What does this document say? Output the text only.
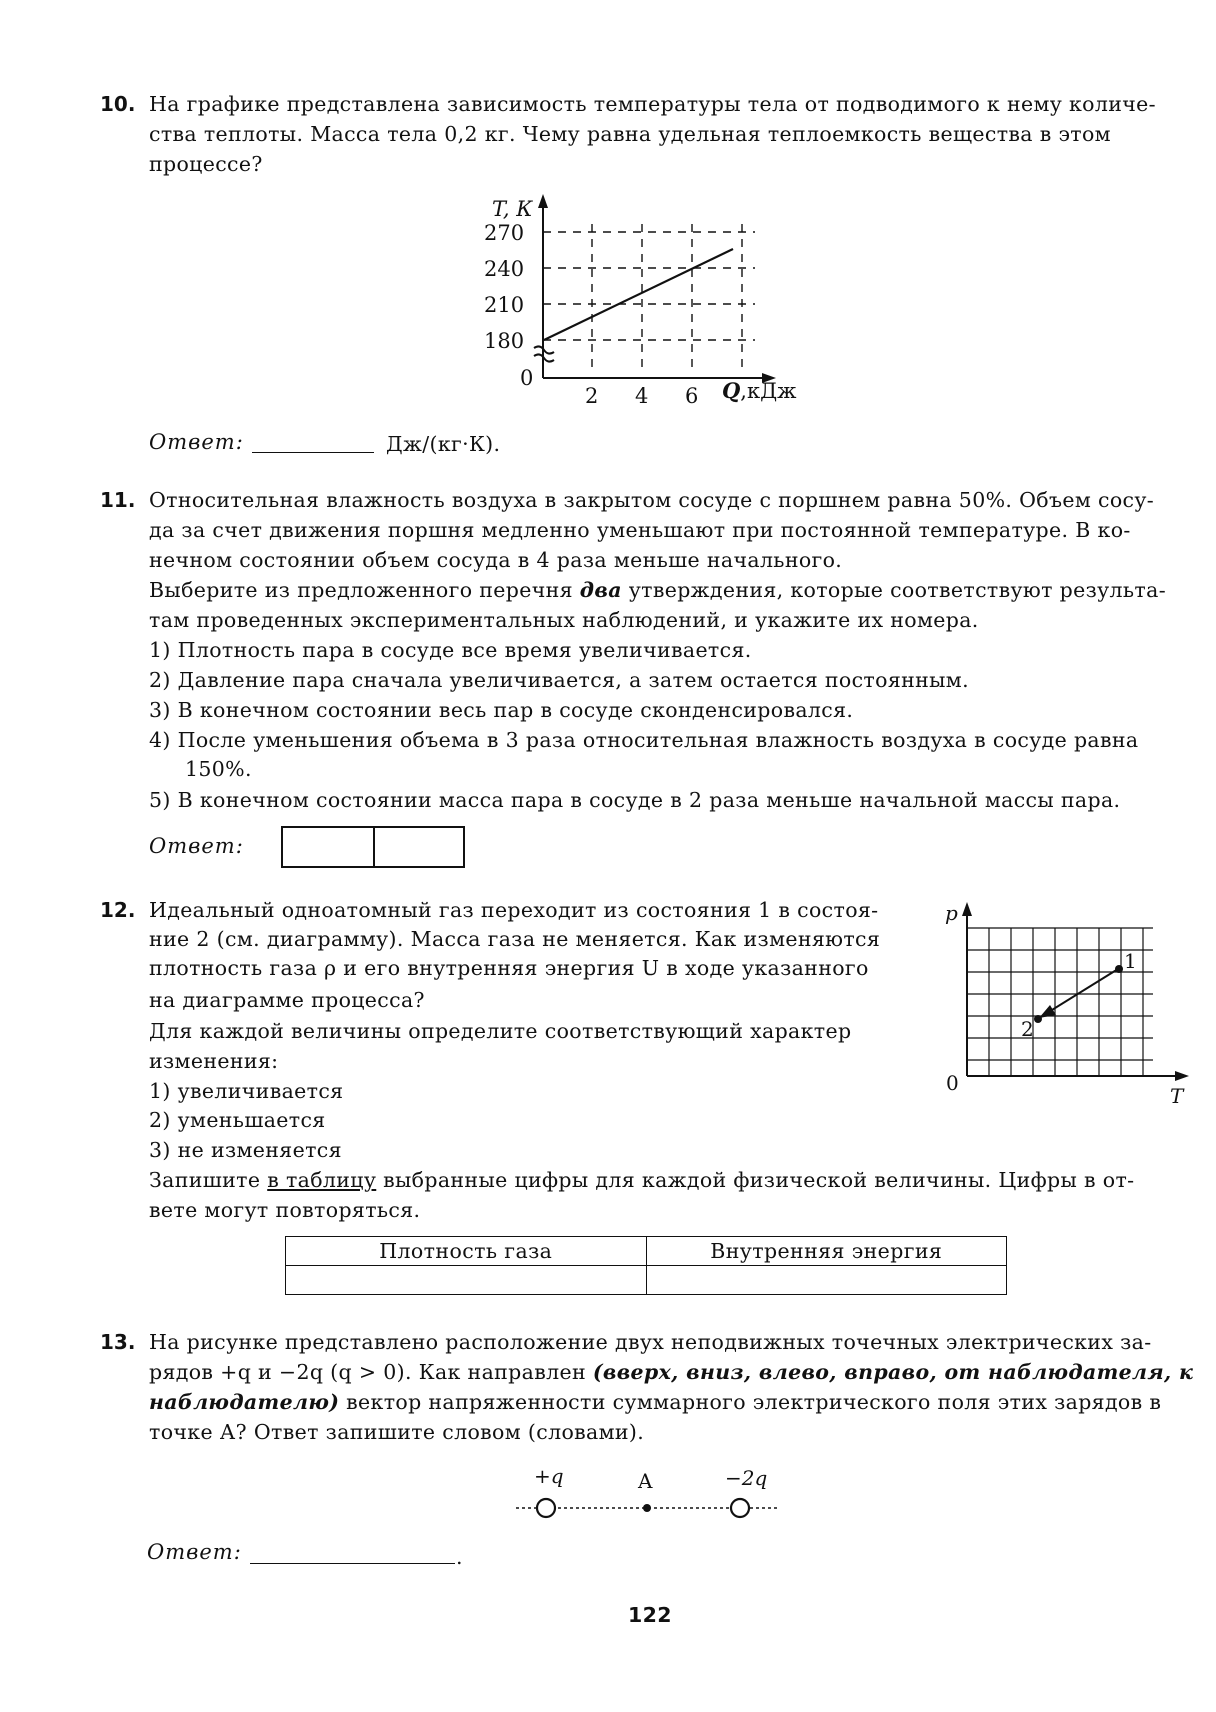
10. На графике представлена зависимость температуры тела от подводимого к нему количе-
ства теплоты. Масса тела 0,2 кг. Чему равна удельная теплоемкость вещества в этом
процессе?
T, К
270
240
210
180
0
2 4 6 Q,кДж
Ответ:	Дж/(кг·К).
11. Относительная влажность воздуха в закрытом сосуде с поршнем равна 50%. Объем сосу-
да за счет движения поршня медленно уменьшают при постоянной температуре. В ко-
нечном состоянии объем сосуда в 4 раза меньше начального.
Выберите из предложенного перечня два утверждения, которые соответствуют результа-
там проведенных экспериментальных наблюдений, и укажите их номера.
1) Плотность пара в сосуде все время увеличивается.
2) Давление пара сначала увеличивается, а затем остается постоянным.
3) В конечном состоянии весь пар в сосуде сконденсировался.
4) После уменьшения объема в 3 раза относительная влажность воздуха в сосуде равна
150%.
5) В конечном состоянии масса пара в сосуде в 2 раза меньше начальной массы пара.
Ответ:
12. Идеальный одноатомный газ переходит из состояния 1 в состоя-
ние 2 (см. диаграмму). Масса газа не меняется. Как изменяются
плотность газа ρ и его внутренняя энергия U в ходе указанного
на диаграмме процесса?
Для каждой величины определите соответствующий характер
изменения:
1) увеличивается
2) уменьшается
3) не изменяется
Запишите в таблицу выбранные цифры для каждой физической величины. Цифры в от-
вете могут повторяться.
p
T
0
1
2
Плотность газа	Внутренняя энергия

13. На рисунке представлено расположение двух неподвижных точечных электрических за-
рядов +q и −2q (q > 0). Как направлен (вверх, вниз, влево, вправо, от наблюдателя, к
наблюдателю) вектор напряженности суммарного электрического поля этих зарядов в
точке А? Ответ запишите словом (словами).
+q	A	−2q
Ответ:	.
122
